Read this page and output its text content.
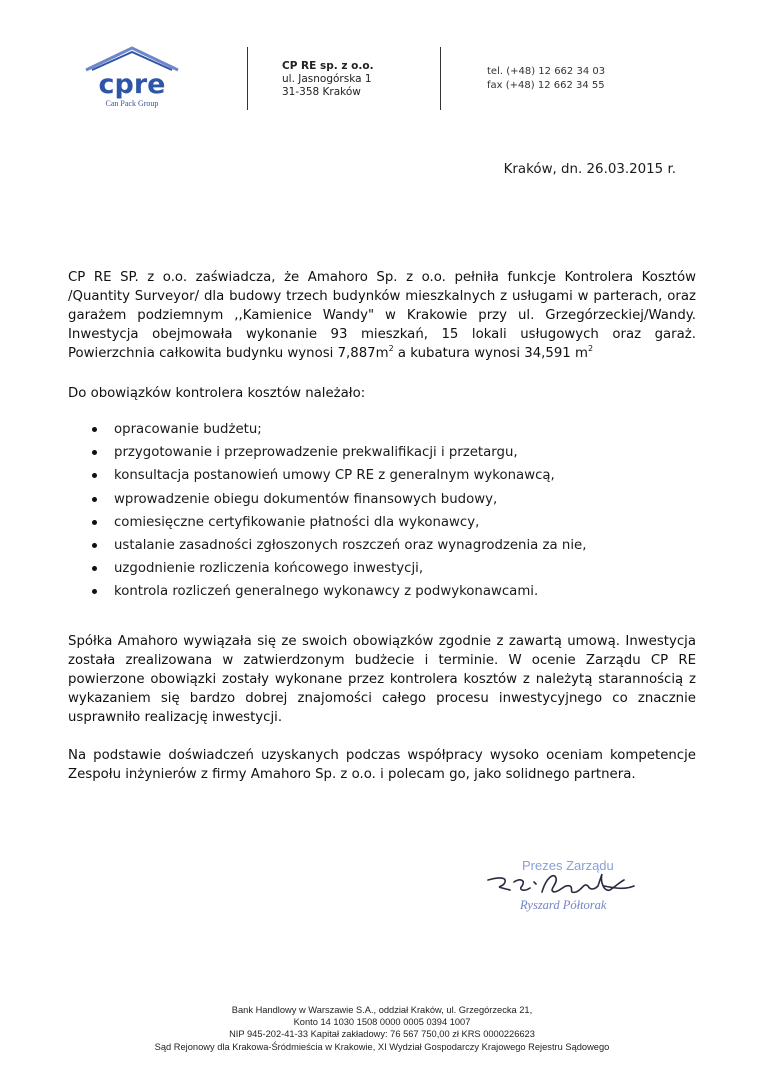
cpre
Can Pack Group
CP RE sp. z o.o.
ul. Jasnogórska 1
31-358 Kraków
tel. (+48) 12 662 34 03
fax (+48) 12 662 34 55
Kraków, dn. 26.03.2015 r.
CP RE SP. z o.o. zaświadcza, że Amahoro Sp. z o.o. pełniła funkcje Kontrolera Kosztów /Quantity Surveyor/ dla budowy trzech budynków mieszkalnych z usługami w parterach, oraz garażem podziemnym ,,Kamienice Wandy" w Krakowie przy ul. Grzegórzeckiej/Wandy. Inwestycja obejmowała wykonanie 93 mieszkań, 15 lokali usługowych oraz garaż. Powierzchnia całkowita budynku wynosi $7,887m^2$ a kubatura wynosi 34,591 $m^2$
Do obowiązków kontrolera kosztów należało:
opracowanie budżetu;
przygotowanie i przeprowadzenie prekwalifikacji i przetargu,
konsultacja postanowień umowy CP RE z generalnym wykonawcą,
wprowadzenie obiegu dokumentów finansowych budowy,
comiesięczne certyfikowanie płatności dla wykonawcy,
ustalanie zasadności zgłoszonych roszczeń oraz wynagrodzenia za nie,
uzgodnienie rozliczenia końcowego inwestycji,
kontrola rozliczeń generalnego wykonawcy z podwykonawcami.
Spółka Amahoro wywiązała się ze swoich obowiązków zgodnie z zawartą umową. Inwestycja została zrealizowana w zatwierdzonym budżecie i terminie. W ocenie Zarządu CP RE powierzone obowiązki zostały wykonane przez kontrolera kosztów z należytą starannością z wykazaniem się bardzo dobrej znajomości całego procesu inwestycyjnego co znacznie usprawniło realizację inwestycji.
Na podstawie doświadczeń uzyskanych podczas współpracy wysoko oceniam kompetencje Zespołu inżynierów z firmy Amahoro Sp. z o.o. i polecam go, jako solidnego partnera.
Prezes Zarządu
Ryszard Półtorak
Bank Handlowy w Warszawie S.A., oddział Kraków, ul. Grzegórzecka 21,
Konto 14 1030 1508 0000 0005 0394 1007
NIP 945-202-41-33 Kapitał zakładowy: 76 567 750,00 zł KRS 0000226623
Sąd Rejonowy dla Krakowa-Śródmieścia w Krakowie, XI Wydział Gospodarczy Krajowego Rejestru Sądowego
